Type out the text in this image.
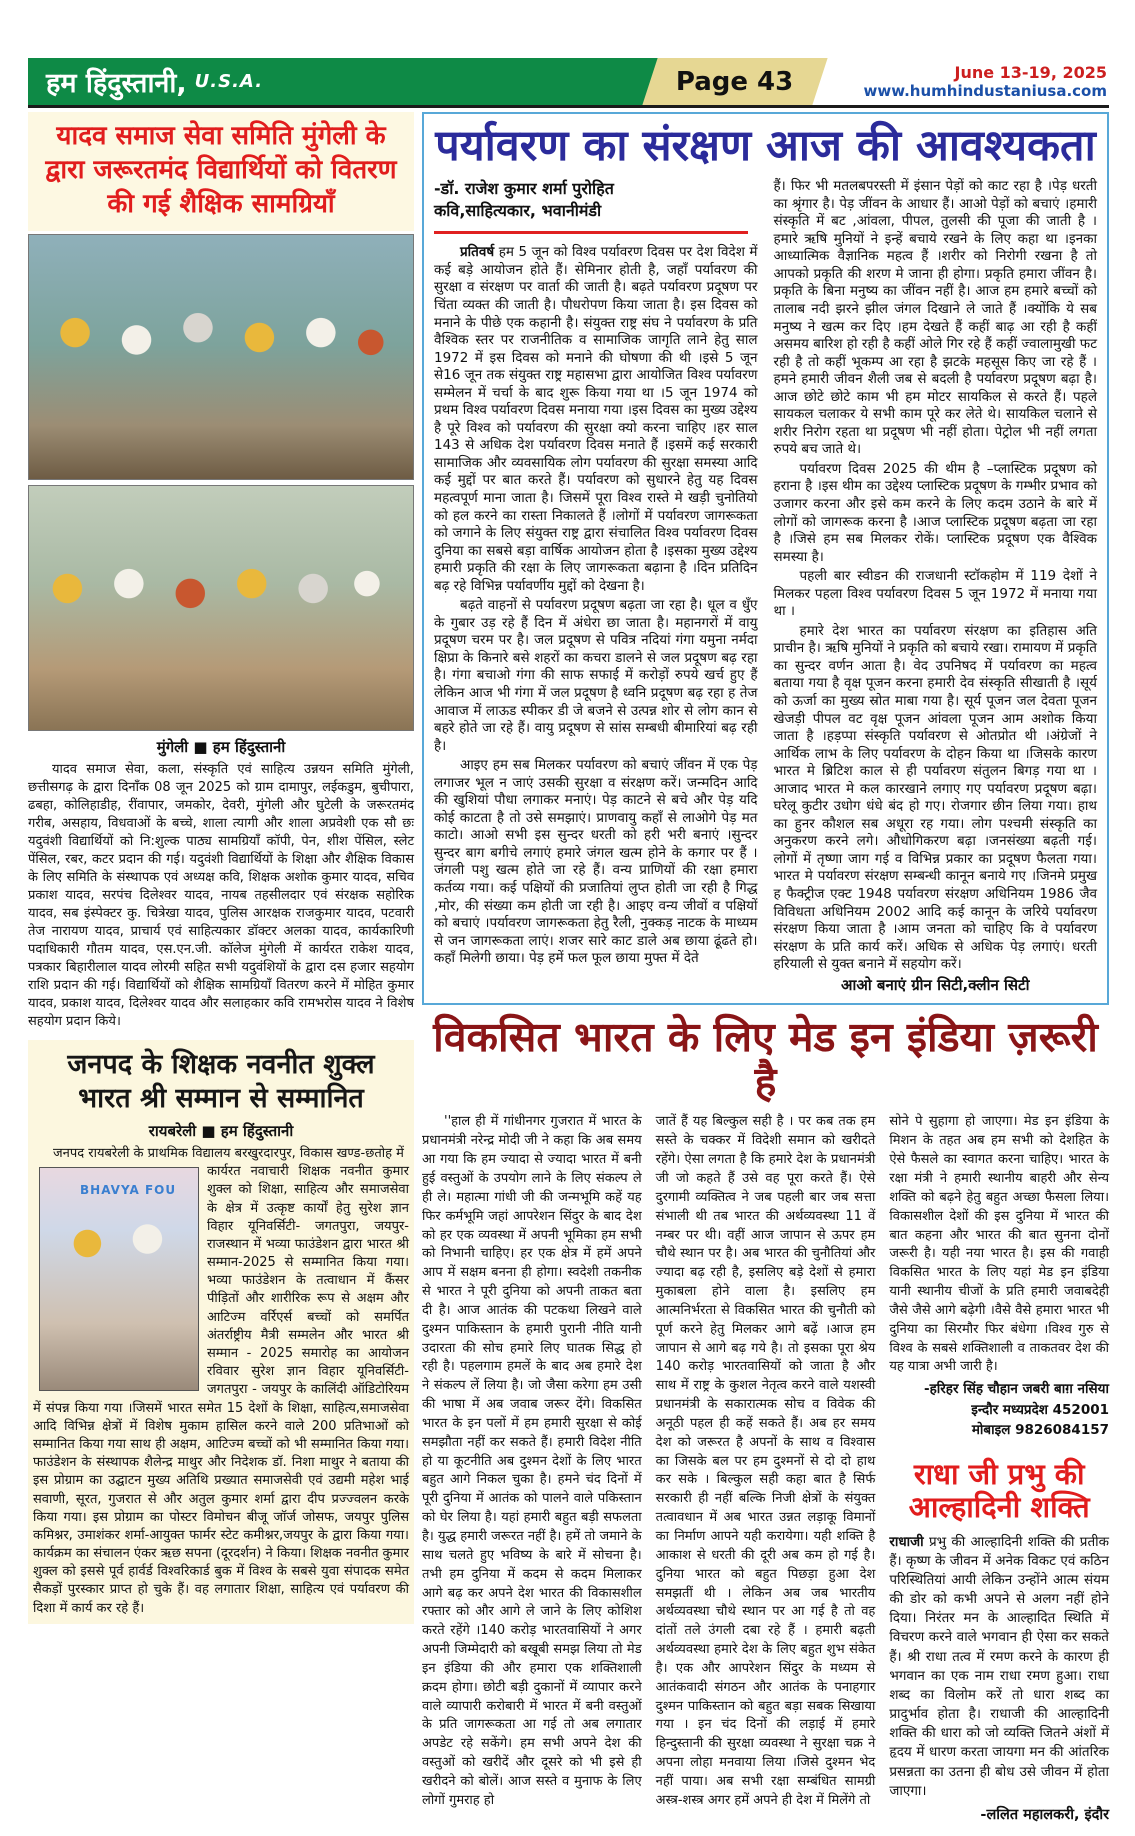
हम हिंदुस्तानी, U.S.A.	Page 43	June 13-19, 2025
www.humhindustaniusa.com
यादव समाज सेवा समिति मुंगेली के द्वारा जरूरतमंद विद्यार्थियों को वितरण की गई शैक्षिक सामग्रियाँ
मुंगेली ■ हम हिंदुस्तानी

यादव समाज सेवा, कला, संस्कृति एवं साहित्य उन्नयन समिति मुंगेली, छत्तीसगढ़ के द्वारा दिनाँक 08 जून 2025 को ग्राम दामापुर, लईकडुम, बुचीपारा, ढबहा, कोलिहाडीह, रींवापार, जमकोर, देवरी, मुंगेली और घुटेली के जरूरतमंद गरीब, असहाय, विधवाओं के बच्चे, शाला त्यागी और शाला अप्रवेशी एक सौ छः यदुवंशी विद्यार्थियों को नि:शुल्क पाठ्य सामग्रियाँ कॉपी, पेन, शीश पेंसिल, स्लेट पेंसिल, रबर, कटर प्रदान की गई। यदुवंशी विद्यार्थियों के शिक्षा और शैक्षिक विकास के लिए समिति के संस्थापक एवं अध्यक्ष कवि, शिक्षक अशोक कुमार यादव, सचिव प्रकाश यादव, सरपंच दिलेश्वर यादव, नायब तहसीलदार एवं संरक्षक सहोरिक यादव, सब इंस्पेक्टर कु. चित्रेखा यादव, पुलिस आरक्षक राजकुमार यादव, पटवारी तेज नारायण यादव, प्राचार्य एवं साहित्यकार डॉक्टर अलका यादव, कार्यकारिणी पदाधिकारी गौतम यादव, एस.एन.जी. कॉलेज मुंगेली में कार्यरत राकेश यादव, पत्रकार बिहारीलाल यादव लोरमी सहित सभी यदुवंशियों के द्वारा दस हजार सहयोग राशि प्रदान की गई। विद्यार्थियों को शैक्षिक सामग्रियाँ वितरण करने में मोहित कुमार यादव, प्रकाश यादव, दिलेश्वर यादव और सलाहकार कवि रामभरोस यादव ने विशेष सहयोग प्रदान किये।

जनपद के शिक्षक नवनीत शुक्ल
भारत श्री सम्मान से सम्मानित
रायबरेली ■ हम हिंदुस्तानी

जनपद रायबरेली के प्राथमिक विद्यालय बरखुरदारपुर, विकास खण्ड-छतोह में

BHAVYA FOU

कार्यरत नवाचारी शिक्षक नवनीत कुमार शुक्ल को शिक्षा, साहित्य और समाजसेवा के क्षेत्र में उत्कृष्ट कार्यों हेतु सुरेश ज्ञान विहार यूनिवर्सिटी- जगतपुरा, जयपुर-राजस्थान में भव्या फाउंडेशन द्वारा भारत श्री सम्मान-2025 से सम्मानित किया गया। भव्या फाउंडेशन के तत्वाधान में कैंसर पीड़ितों और शारीरिक रूप से अक्षम और आटिज्म वर्रिएर्स बच्चों को समर्पित अंतर्राष्ट्रीय मैत्री सम्मलेन और भारत श्री सम्मान - 2025 समारोह का आयोजन रविवार सुरेश ज्ञान विहार यूनिवर्सिटी- जगतपुरा - जयपुर के कालिंदी ऑडिटोरियम में संपन्न किया गया ।जिसमें भारत समेत 15 देशों के शिक्षा, साहित्य,समाजसेवा आदि विभिन्न क्षेत्रों में विशेष मुकाम हासिल करने वाले 200 प्रतिभाओं को सम्मानित किया गया साथ ही अक्षम, आटिज्म बच्चों को भी सम्मानित किया गया। फाउंडेशन के संस्थापक शैलेन्द्र माथुर और निदेशक डॉ. निशा माथुर ने बताया की इस प्रोग्राम का उद्घाटन मुख्य अतिथि प्रख्यात समाजसेवी एवं उद्यमी महेश भाई सवाणी, सूरत, गुजरात से और अतुल कुमार शर्मा द्वारा दीप प्रज्ज्वलन करके किया गया। इस प्रोग्राम का पोस्टर विमोचन बीजू जॉर्ज जोसफ, जयपुर पुलिस कमिश्नर, उमाशंकर शर्मा-आयुक्त फार्मर स्टेट कमीश्नर,जयपुर के द्वारा किया गया। कार्यक्रम का संचालन एंकर ऋछ सपना (दूरदर्शन) ने किया। शिक्षक नवनीत कुमार शुक्ल को इससे पूर्व हार्वर्ड विश्वरिकार्ड बुक में विश्व के सबसे युवा संपादक समेत सैकड़ों पुरस्कार प्राप्त हो चुके हैं। वह लगातार शिक्षा, साहित्य एवं पर्यावरण की दिशा में कार्य कर रहे हैं।

पर्यावरण का संरक्षण आज की आवश्यकता
-डॉ. राजेश कुमार शर्मा पुरोहित
कवि,साहित्यकार, भवानीमंडी

प्रतिवर्ष हम 5 जून को विश्व पर्यावरण दिवस पर देश विदेश में कई बड़े आयोजन होते हैं। सेमिनार होती है, जहाँ पर्यावरण की सुरक्षा व संरक्षण पर वार्ता की जाती है। बढ़ते पर्यावरण प्रदूषण पर चिंता व्यक्त की जाती है। पौधरोपण किया जाता है। इस दिवस को मनाने के पीछे एक कहानी है। संयुक्त राष्ट्र संघ ने पर्यावरण के प्रति वैश्विक स्तर पर राजनीतिक व सामाजिक जागृति लाने हेतु साल 1972 में इस दिवस को मनाने की घोषणा की थी ।इसे 5 जून से16 जून तक संयुक्त राष्ट्र महासभा द्वारा आयोजित विश्व पर्यावरण सम्मेलन में चर्चा के बाद शुरू किया गया था ।5 जून 1974 को प्रथम विश्व पर्यावरण दिवस मनाया गया ।इस दिवस का मुख्य उद्देश्य है पूरे विश्व को पर्यावरण की सुरक्षा क्यो करना चाहिए ।हर साल 143 से अधिक देश पर्यावरण दिवस मनाते हैं ।इसमें कई सरकारी सामाजिक और व्यवसायिक लोग पर्यावरण की सुरक्षा समस्या आदि कई मुद्दों पर बात करते हैं। पर्यावरण को सुधारने हेतु यह दिवस महत्वपूर्ण माना जाता है। जिसमें पूरा विश्व रास्ते मे खड़ी चुनोतियो को हल करने का रास्ता निकालते हैं ।लोगों में पर्यावरण जागरूकता को जगाने के लिए संयुक्त राष्ट्र द्वारा संचालित विश्व पर्यावरण दिवस दुनिया का सबसे बड़ा वार्षिक आयोजन होता है ।इसका मुख्य उद्देश्य हमारी प्रकृति की रक्षा के लिए जागरूकता बढ़ाना है ।दिन प्रतिदिन बढ़ रहे विभिन्न पर्यावर्णीय मुद्दों को देखना है।

बढ़ते वाहनों से पर्यावरण प्रदूषण बढ़ता जा रहा है। धूल व धुँए के गुबार उड़ रहे हैं दिन में अंधेरा छा जाता है। महानगरों में वायु प्रदूषण चरम पर है। जल प्रदूषण से पवित्र नदियां गंगा यमुना नर्मदा क्षिप्रा के किनारे बसे शहरों का कचरा डालने से जल प्रदूषण बढ़ रहा है। गंगा बचाओ गंगा की साफ सफाई में करोड़ों रुपये खर्च हुए हैं लेकिन आज भी गंगा में जल प्रदूषण है ध्वनि प्रदूषण बढ़ रहा ह तेज आवाज में लाऊड स्पीकर डी जे बजने से उत्पन्न शोर से लोग कान से बहरे होते जा रहे हैं। वायु प्रदूषण से सांस सम्बधी बीमारियां बढ़ रही है।

आइए हम सब मिलकर पर्यावरण को बचाएं जींवन में एक पेड़ लगाजर भूल न जाएं उसकी सुरक्षा व संरक्षण करें। जन्मदिन आदि की खुशियां पौधा लगाकर मनाएं। पेड़ काटने से बचे और पेड़ यदि कोई काटता है तो उसे समझाएं। प्राणवायु कहाँ से लाओगे पेड़ मत काटो। आओ सभी इस सुन्दर धरती को हरी भरी बनाएं ।सुन्दर सुन्दर बाग बगीचे लगाएं हमारे जंगल खत्म होने के कगार पर हैं ।जंगली पशु खत्म होते जा रहे हैं। वन्य प्राणियों की रक्षा हमारा कर्तव्य गया। कई पक्षियों की प्रजातियां लुप्त होती जा रही है गिद्ध ,मोर, की संख्या कम होती जा रही है। आइए वन्य जीवों व पक्षियों को बचाएं ।पर्यावरण जागरूकता हेतु रैली, नुक्कड़ नाटक के माध्यम से जन जागरूकता लाएं। शजर सारे काट डाले अब छाया ढूंढते हो। कहाँ मिलेगी छाया। पेड़ हमें फल फूल छाया मुफ्त में देते

हैं। फिर भी मतलबपरस्ती में इंसान पेड़ों को काट रहा है ।पेड़ धरती का श्रृंगार है। पेड़ जींवन के आधार हैं। आओ पेड़ों को बचाएं ।हमारी संस्कृति में बट ,आंवला, पीपल, तुलसी की पूजा की जाती है । हमारे ऋषि मुनियों ने इन्हें बचाये रखने के लिए कहा था ।इनका आध्यात्मिक वैज्ञानिक महत्व हैं ।शरीर को निरोगी रखना है तो आपको प्रकृति की शरण मे जाना ही होगा। प्रकृति हमारा जींवन है। प्रकृति के बिना मनुष्य का जींवन नहीं है। आज हम हमारे बच्चों को तालाब नदी झरने झील जंगल दिखाने ले जाते हैं ।क्योंकि ये सब मनुष्य ने खत्म कर दिए ।हम देखते हैं कहीं बाढ़ आ रही है कहीं असमय बारिश हो रही है कहीं ओले गिर रहे हैं कहीं ज्वालामुखी फट रही है तो कहीं भूकम्प आ रहा है झटके महसूस किए जा रहे हैं ।हमने हमारी जीवन शैली जब से बदली है पर्यावरण प्रदूषण बढ़ा है। आज छोटे छोटे काम भी हम मोटर सायकिल से करते हैं। पहले सायकल चलाकर ये सभी काम पूरे कर लेते थे। सायकिल चलाने से शरीर निरोग रहता था प्रदूषण भी नहीं होता। पेट्रोल भी नहीं लगता रुपये बच जाते थे।

पर्यावरण दिवस 2025 की थीम है –प्लास्टिक प्रदूषण को हराना है ।इस थीम का उद्देश्य प्लास्टिक प्रदूषण के गम्भीर प्रभाव को उजागर करना और इसे कम करने के लिए कदम उठाने के बारे में लोगों को जागरूक करना है ।आज प्लास्टिक प्रदूषण बढ़ता जा रहा है ।जिसे हम सब मिलकर रोकें। प्लास्टिक प्रदूषण एक वैश्विक समस्या है।

पहली बार स्वीडन की राजधानी स्टॉकहोम में 119 देशों ने मिलकर पहला विश्व पर्यावरण दिवस 5 जून 1972 में मनाया गया था ।

हमारे देश भारत का पर्यावरण संरक्षण का इतिहास अति प्राचीन है। ऋषि मुनियों ने प्रकृति को बचाये रखा। रामायण में प्रकृति का सुन्दर वर्णन आता है। वेद उपनिषद में पर्यावरण का महत्व बताया गया है वृक्ष पूजन करना हमारी देव संस्कृति सीखाती है ।सूर्य को ऊर्जा का मुख्य स्रोत माबा गया है। सूर्य पूजन जल देवता पूजन खेजड़ी पीपल वट वृक्ष पूजन आंवला पूजन आम अशोक किया जाता है ।हड़प्पा संस्कृति पर्यावरण से ओतप्रोत थी ।अंग्रेजों ने आर्थिक लाभ के लिए पर्यावरण के दोहन किया था ।जिसके कारण भारत मे ब्रिटिश काल से ही पर्यावरण संतुलन बिगड़ गया था ।आजाद भारत मे कल कारखाने लगाए गए पर्यावरण प्रदूषण बढ़ा। घरेलू कुटीर उधोग धंधे बंद हो गए। रोजगार छीन लिया गया। हाथ का हुनर कौशल सब अधूरा रह गया। लोग पश्चमी संस्कृति का अनुकरण करने लगे। औधोगिकरण बढ़ा ।जनसंख्या बढ़ती गई। लोगों में तृष्णा जाग गई व विभिन्न प्रकार का प्रदूषण फैलता गया। भारत मे पर्यावरण संरक्षण सम्बन्धी कानून बनाये गए ।जिनमे प्रमुख ह फैक्ट्रीज एक्ट 1948 पर्यावरण संरक्षण अधिनियम 1986 जैव विविधता अधिनियम 2002 आदि कई कानून के जरिये पर्यावरण संरक्षण किया जाता है ।आम जनता को चाहिए कि वे पर्यावरण संरक्षण के प्रति कार्य करें। अधिक से अधिक पेड़ लगाएं। धरती हरियाली से युक्त बनाने में सहयोग करें।

आओ बनाएं ग्रीन सिटी,क्लीन सिटी
विकसित भारत के लिए मेड इन इंडिया ज़रूरी है

''हाल ही में गांधीनगर गुजरात में भारत के प्रधानमंत्री नरेन्द्र मोदी जी ने कहा कि अब समय आ गया कि हम ज्यादा से ज्यादा भारत में बनी हुई वस्तुओं के उपयोग लाने के लिए संकल्प ले ही ले। महात्मा गांधी जी की जन्मभूमि कहें यह फिर कर्मभूमि जहां आपरेशन सिंदुर के बाद देश को हर एक व्यवस्था में अपनी भूमिका हम सभी को निभानी चाहिए। हर एक क्षेत्र में हमें अपने आप में सक्षम बनना ही होगा। स्वदेशी तकनीक से भारत ने पूरी दुनिया को अपनी ताकत बता दी है। आज आतंक की पटकथा लिखने वाले दुश्मन पाकिस्तान के हमारी पुरानी नीति यानी उदारता की सोच हमारे लिए घातक सिद्ध हो रही है। पहलगाम हमलें के बाद अब हमारे देश ने संकल्प लें लिया है। जो जैसा करेगा हम उसी की भाषा में अब जवाब जरूर देंगे। विकसित भारत के इन पलों में हम हमारी सुरक्षा से कोई समझौता नहीं कर सकते हैं। हमारी विदेश नीति हो या कूटनीति अब दुश्मन देशों के लिए भारत बहुत आगे निकल चुका है। हमने चंद दिनों में पूरी दुनिया में आतंक को पालने वाले पकिस्तान को घेर लिया है। यहां हमारी बहुत बड़ी सफलता है। युद्ध हमारी जरूरत नहीं है। हमें तो जमाने के साथ चलते हुए भविष्य के बारे में सोचना है। तभी हम दुनिया में कदम से कदम मिलाकर आगे बढ़ कर अपने देश भारत की विकासशील रफ्तार को और आगे ले जाने के लिए कोशिश करते रहेंगे ।140 करोड़ भारतवासियों ने अगर अपनी जिम्मेदारी को बखूबी समझ लिया तो मेड इन इंडिया की और हमारा एक शक्तिशाली क्रदम होगा। छोटी बड़ी दुकानों में व्यापार करने वाले व्यापारी करोबारी में भारत में बनी वस्तुओं के प्रति जागरूकता आ गई तो अब लगातार अपडेट रहे सकेंगे। हम सभी अपने देश की वस्तुओं को खरीदें और दूसरे को भी इसे ही खरीदने को बोलें। आज सस्ते व मुनाफ के लिए लोगों गुमराह हो

जातें हैं यह बिल्कुल सही है । पर कब तक हम सस्ते के चक्कर में विदेशी समान को खरीदते रहेंगे। ऐसा लगता है कि हमारे देश के प्रधानमंत्री जी जो कहते हैं उसे वह पूरा करते हैं। ऐसे दुरगामी व्यक्तित्व ने जब पहली बार जब सत्ता संभाली थी तब भारत की अर्थव्यवस्था 11 वें नम्बर पर थी। वहीं आज जापान से ऊपर हम चौथे स्थान पर है। अब भारत की चुनौतियां और ज्यादा बढ़ रही है, इसलिए बड़े देशों से हमारा मुकाबला होने वाला है। इसलिए हम आत्मनिर्भरता से विकसित भारत की चुनौती को पूर्ण करने हेतु मिलकर आगे बढ़ें ।आज हम जापान से आगे बढ़ गये है। तो इसका पूरा श्रेय 140 करोड़ भारतवासियों को जाता है और साथ में राष्ट्र के कुशल नेतृत्व करने वाले यशस्वी प्रधानमंत्री के सकारात्मक सोच व विवेक की अनूठी पहल ही कहें सकते हैं। अब हर समय देश को जरूरत है अपनों के साथ व विश्वास का जिसके बल पर हम दुश्मनों से दो दो हाथ कर सके । बिल्कुल सही कहा बात है सिर्फ सरकारी ही नहीं बल्कि निजी क्षेत्रों के संयुक्त तत्वावधान में अब भारत उन्नत लड़ाकू विमानों का निर्माण आपने यही करायेगा। यही शक्ति है आकाश से धरती की दूरी अब कम हो गई है। दुनिया भारत को बहुत पिछड़ा हुआ देश समझतीं थी । लेकिन अब जब भारतीय अर्थव्यवस्था चौथे स्थान पर आ गई है तो वह दांतों तले उंगली दबा रहे हैं । हमारी बढ़ती अर्थव्यवस्था हमारे देश के लिए बहुत शुभ संकेत है। एक और आपरेशन सिंदुर के मध्यम से आतंकवादी संगठन और आतंक के पनाहगार दुश्मन पाकिस्तान को बहुत बड़ा सबक सिखाया गया । इन चंद दिनों की लड़ाई में हमारे हिन्दुस्तानी की सुरक्षा व्यवस्था ने सुरक्षा चक्र ने अपना लोहा मनवाया लिया ।जिसे दुश्मन भेद नहीं पाया। अब सभी रक्षा सम्बंधित सामग्री अस्त्र-शस्त्र अगर हमें अपने ही देश में मिलेंगे तो

सोने पे सुहागा हो जाएगा। मेड इन इंडिया के मिशन के तहत अब हम सभी को देशहित के ऐसे फैसले का स्वागत करना चाहिए। भारत के रक्षा मंत्री ने हमारी स्थानीय बाहरी और सेन्य शक्ति को बढ़ने हेतु बहुत अच्छा फैसला लिया। विकासशील देशों की इस दुनिया में भारत की बात कहना और भारत की बात सुनना दोनों जरूरी है। यही नया भारत है। इस की गवाही विकसित भारत के लिए यहां मेड इन इंडिया यानी स्थानीय चीजों के प्रति हमारी जवाबदेही जैसे जैसे आगे बढ़ेगी ।वैसे वैसे हमारा भारत भी दुनिया का सिरमौर फिर बंधेगा ।विश्व गुरु से विश्व के सबसे शक्तिशाली व ताकतवर देश की यह यात्रा अभी जारी है।

-हरिहर सिंह चौहान जबरी बाग़ नसिया
इन्दौर मध्यप्रदेश 452001
मोबाइल 9826084157
राधा जी प्रभु की
आल्हादिनी शक्ति

राधाजी प्रभु की आल्हादिनी शक्ति की प्रतीक हैं। कृष्ण के जीवन में अनेक विकट एवं कठिन परिस्थितियां आयी लेकिन उन्होंने आत्म संयम की डोर को कभी अपने से अलग नहीं होने दिया। निरंतर मन के आल्हादित स्थिति में विचरण करने वाले भगवान ही ऐसा कर सकते हैं। श्री राधा तत्व में रमण करने के कारण ही भगवान का एक नाम राधा रमण हुआ। राधा शब्द का विलोम करें तो धारा शब्द का प्रादुर्भाव होता है। राधाजी की आल्हादिनी शक्ति की धारा को जो व्यक्ति जितने अंशों में हृदय में धारण करता जायगा मन की आंतरिक प्रसन्नता का उतना ही बोध उसे जीवन में होता जाएगा।

-ललित महालकरी, इंदौर
